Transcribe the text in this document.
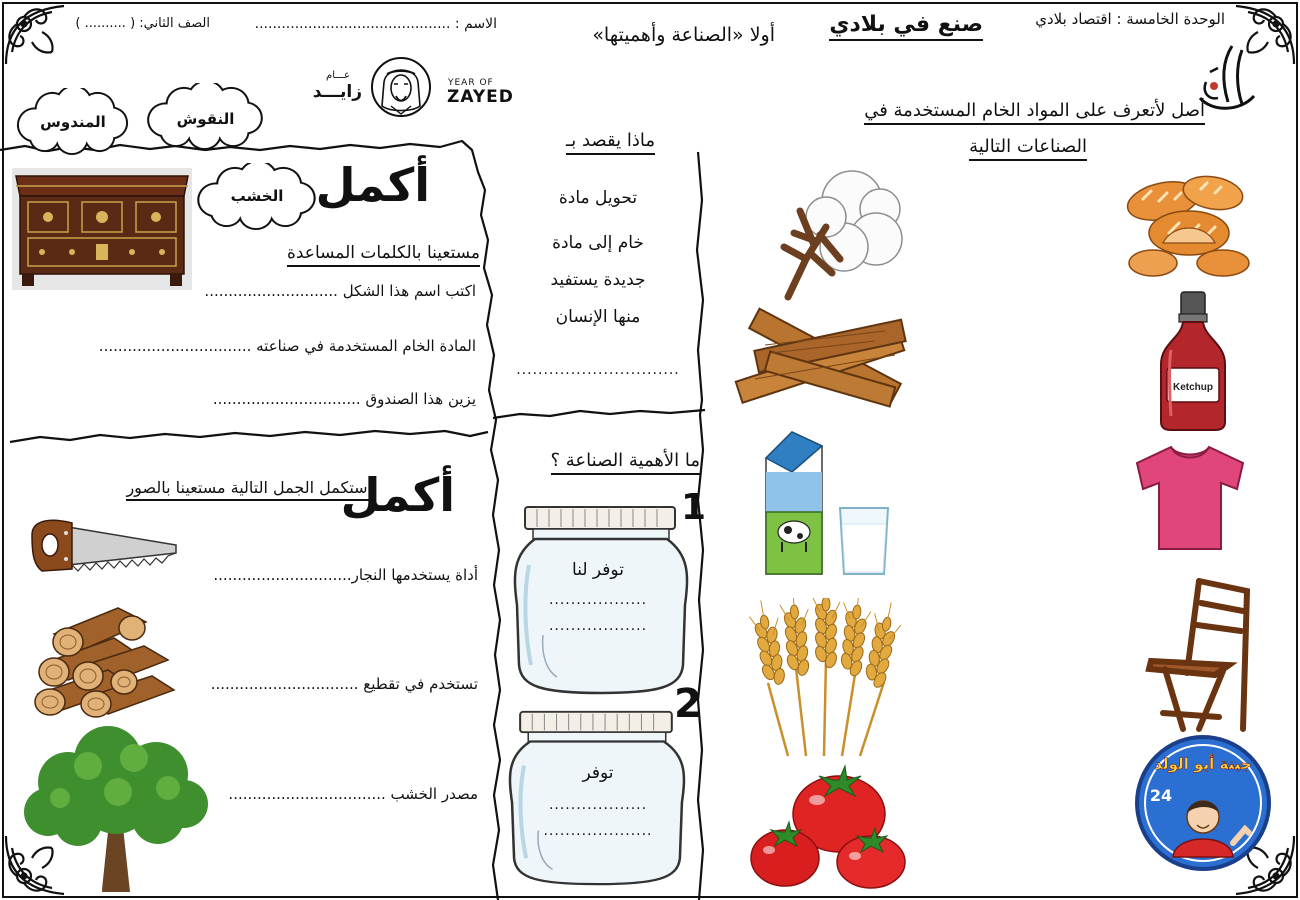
الوحدة الخامسة : اقتصاد بلادي
صنع في بلادي
أولا «الصناعة وأهميتها»
الاسم : ............................................
الصف الثاني: ( .......... )
YEAR OF
ZAYED
عـــام
زايـــد
أصل لأتعرف على المواد الخام المستخدمة في
الصناعات التالية
Ketchup
جبنة أبو الولد
24
ماذا يقصد بـ
تحويل مادة
خام إلى مادة
جديدة يستفيد
منها الإنسان
..............................
ما الأهمية الصناعة ؟
1
توفر لنا
..................
..................
2
توفر
..................
....................
المندوس	النقوش
الخشب أكمل
مستعينا بالكلمات المساعدة
اكتب اسم هذا الشكل ............................
المادة الخام المستخدمة في صناعته ................................
يزين هذا الصندوق ...............................
أكمل
استكمل الجمل التالية مستعينا بالصور
أداة يستخدمها النجار.............................
تستخدم في تقطيع ...............................
مصدر الخشب .................................
